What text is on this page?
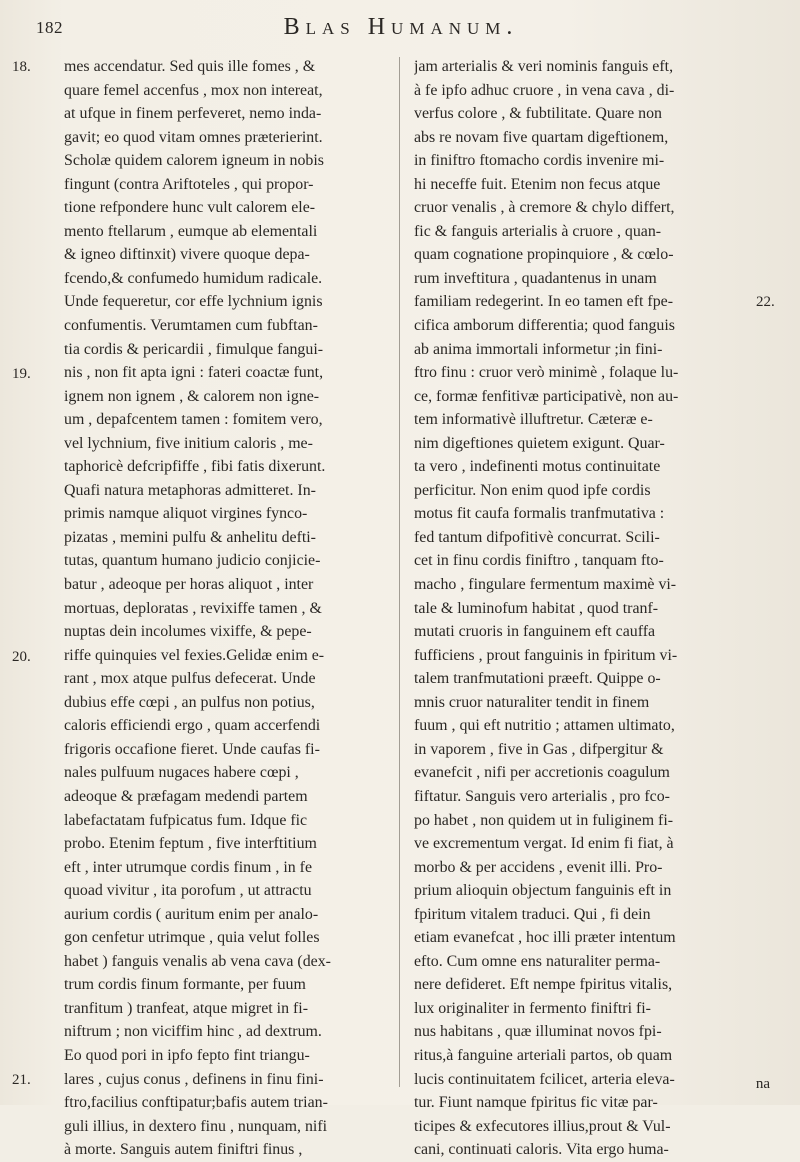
182	Blas Humanum.
18.
19.
20.
21.
22.
mes accendatur. Sed quis ille fomes , &
quare femel accenfus , mox non interеat,
at ufque in finem perfeveret, nemo inda-
gavit; eo quod vitam omnes præterierint.
Scholæ quidem calorem igneum in nobis
fingunt (contra Ariftoteles , qui propor-
tione refpondere hunc vult calorem ele-
mento ftellarum , eumque ab elementali
& igneo diftinxit) vivere quoque depa-
fcendo,& confumedo humidum radicale.
Unde fequeretur, cor effe lychnium ignis
confumentis. Verumtamen cum fubftan-
tia cordis & pericardii , fimulque fangui-
nis , non fit apta igni : fateri coactæ funt,
ignem non ignem , & calorem non igne-
um , depafcentem tamen : fomitem vero,
vel lychnium, five initium caloris , me-
taphoricè defcripfiffe , fibi fatis dixerunt.
Quafi natura metaphoras admitteret. In-
primis namque aliquot virgines fynco-
pizatas , memini pulfu & anhelitu defti-
tutas, quantum humano judicio conjicie-
batur , adeoque per horas aliquot , inter
mortuas, deploratas , revixiffe tamen , &
nuptas dein incolumes vixiffe, & pepe-
riffe quinquies vel fexies.Gelidæ enim e-
rant , mox atque pulfus defecerat. Unde
dubius effe cœpi , an pulfus non potius,
caloris efficiendi ergo , quam accerfendi
frigoris occafione fieret. Unde caufas fi-
nales pulfuum nugaces habere cœpi ,
adeoque & præfagam medendi partem
labefactatam fufpicatus fum. Idque fic
probo. Etenim feptum , five interftitium
eft , inter utrumque cordis finum , in fe
quoad vivitur , ita porofum , ut attractu
aurium cordis ( auritum enim per analo-
gon cenfetur utrimque , quia velut folles
habet ) fanguis venalis ab vena cava (dex-
trum cordis finum formante, per fuum
tranfitum ) tranfeat, atque migret in fi-
niftrum ; non viciffim hinc , ad dextrum.
Eo quod pori in ipfo fepto fint triangu-
lares , cujus conus , definens in finu fini-
ftro,facilius conftipatur;bafis autem trian-
guli illius, in dextero finu , nunquam, nifi
à morte. Sanguis autem finiftri finus ,
jam arterialis & veri nominis fanguis eft,
à fe ipfo adhuc cruore , in vena cava , di-
verfus colore , & fubtilitate. Quare non
abs re novam five quartam digeftionem,
in finiftro ftomacho cordis invenire mi-
hi neceffe fuit. Etenim non fecus atque
cruor venalis , à cremore & chylo differt,
fic & fanguis arterialis à cruore , quan-
quam cognatione propinquiore , & cœlo-
rum inveftitura , quadantenus in unam
familiam redegerint. In eo tamen eft fpe-
cifica amborum differentia; quod fanguis
ab anima immortali informetur ;in fini-
ftro finu : cruor verò minimè , folaque lu-
ce, formæ fenfitivæ participativè, non au-
tem informativè illuftretur. Cæteræ e-
nim digeftiones quietem exigunt. Quar-
ta vero , indefinenti motus continuitate
perficitur. Non enim quod ipfe cordis
motus fit caufa formalis tranfmutativa :
fed tantum difpofitivè concurrat. Scili-
cet in finu cordis finiftro , tanquam fto-
macho , fingulare fermentum maximè vi-
tale & luminofum habitat , quod tranf-
mutati cruoris in fanguinem eft cauffa
fufficiens , prout fanguinis in fpiritum vi-
talem tranfmutationi præeft. Quippe o-
mnis cruor naturaliter tendit in finem
fuum , qui eft nutritio ; attamen ultimato,
in vaporem , five in Gas , difpergitur &
evanefcit , nifi per accretionis coagulum
fiftatur. Sanguis vero arterialis , pro fco-
po habet , non quidem ut in fuliginem fi-
ve excrementum vergat. Id enim fi fiat, à
morbo & per accidens , evenit illi. Pro-
prium alioquin objectum fanguinis eft in
fpiritum vitalem traduci. Qui , fi dein
etiam evanefcat , hoc illi præter intentum
efto. Cum omne ens naturaliter perma-
nere defideret. Eft nempe fpiritus vitalis,
lux originaliter in fermento finiftri fi-
nus habitans , quæ illuminat novos fpi-
ritus,à fanguine arteriali partos, ob quam
lucis continuitatem fcilicet, arteria eleva-
tur. Fiunt namque fpiritus fic vitæ par-
ticipes & exfecutores illius,prout & Vul-
cani, continuati caloris. Vita ergo huma-
na
